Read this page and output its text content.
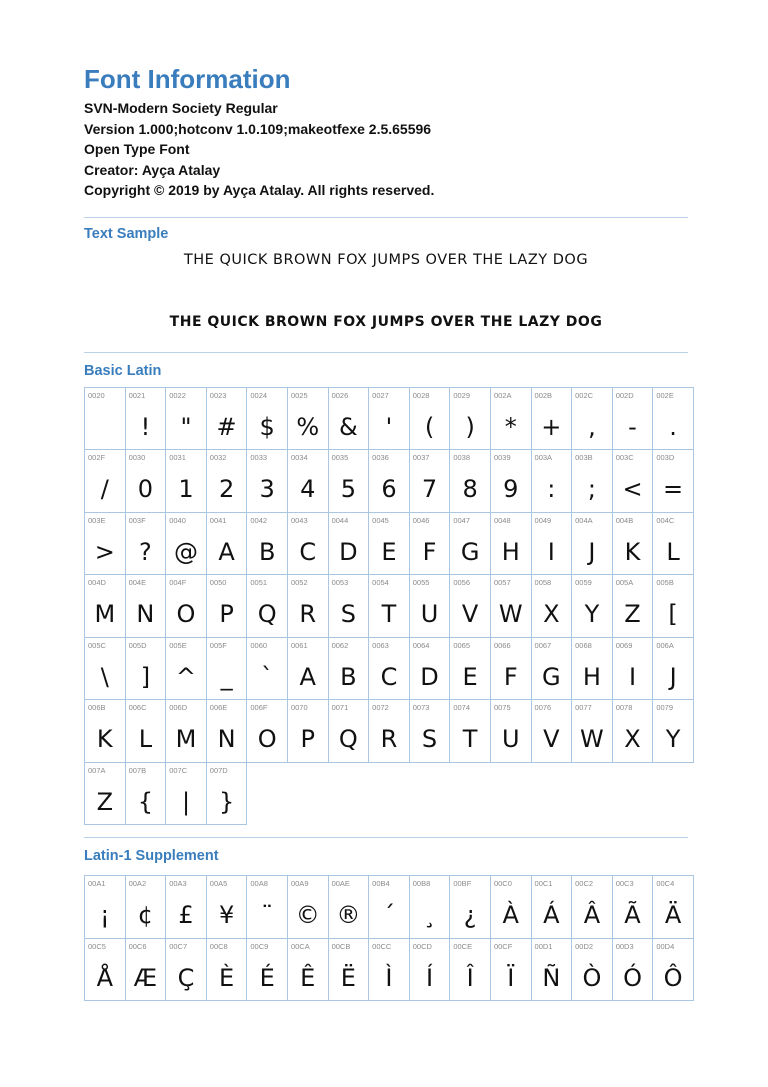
Font Information
SVN-Modern Society Regular
Version 1.000;hotconv 1.0.109;makeotfexe 2.5.65596
Open Type Font
Creator: Ayça Atalay
Copyright © 2019 by Ayça Atalay. All rights reserved.
Text Sample
THE QUICK BROWN FOX JUMPS OVER THE LAZY DOG
THE QUICK BROWN FOX JUMPS OVER THE LAZY DOG
Basic Latin
0020	0021
!
0022
"
0023
#
0024
$
0025
%
0026
&
0027
'
0028
(
0029
)
002A
*
002B
+
002C
,
002D
-
002E
.
002F
/
0030
0
0031
1
0032
2
0033
3
0034
4
0035
5
0036
6
0037
7
0038
8
0039
9
003A
:
003B
;
003C
<
003D
=
003E
>
003F
?
0040
@
0041
A
0042
B
0043
C
0044
D
0045
E
0046
F
0047
G
0048
H
0049
I
004A
J
004B
K
004C
L
004D
M
004E
N
004F
O
0050
P
0051
Q
0052
R
0053
S
0054
T
0055
U
0056
V
0057
W
0058
X
0059
Y
005A
Z
005B
[
005C
\
005D
]
005E
^
005F
_
0060
`
0061
A
0062
B
0063
C
0064
D
0065
E
0066
F
0067
G
0068
H
0069
I
006A
J
006B
K
006C
L
006D
M
006E
N
006F
O
0070
P
0071
Q
0072
R
0073
S
0074
T
0075
U
0076
V
0077
W
0078
X
0079
Y
007A
Z
007B
{
007C
|
007D
}
Latin-1 Supplement
00A1
¡
00A2
¢
00A3
£
00A5
¥
00A8
¨
00A9
©
00AE
®
00B4
´
00B8
¸
00BF
¿
00C0
À
00C1
Á
00C2
Â
00C3
Ã
00C4
Ä
00C5
Å
00C6
Æ
00C7
Ç
00C8
È
00C9
É
00CA
Ê
00CB
Ë
00CC
Ì
00CD
Í
00CE
Î
00CF
Ï
00D1
Ñ
00D2
Ò
00D3
Ó
00D4
Ô
